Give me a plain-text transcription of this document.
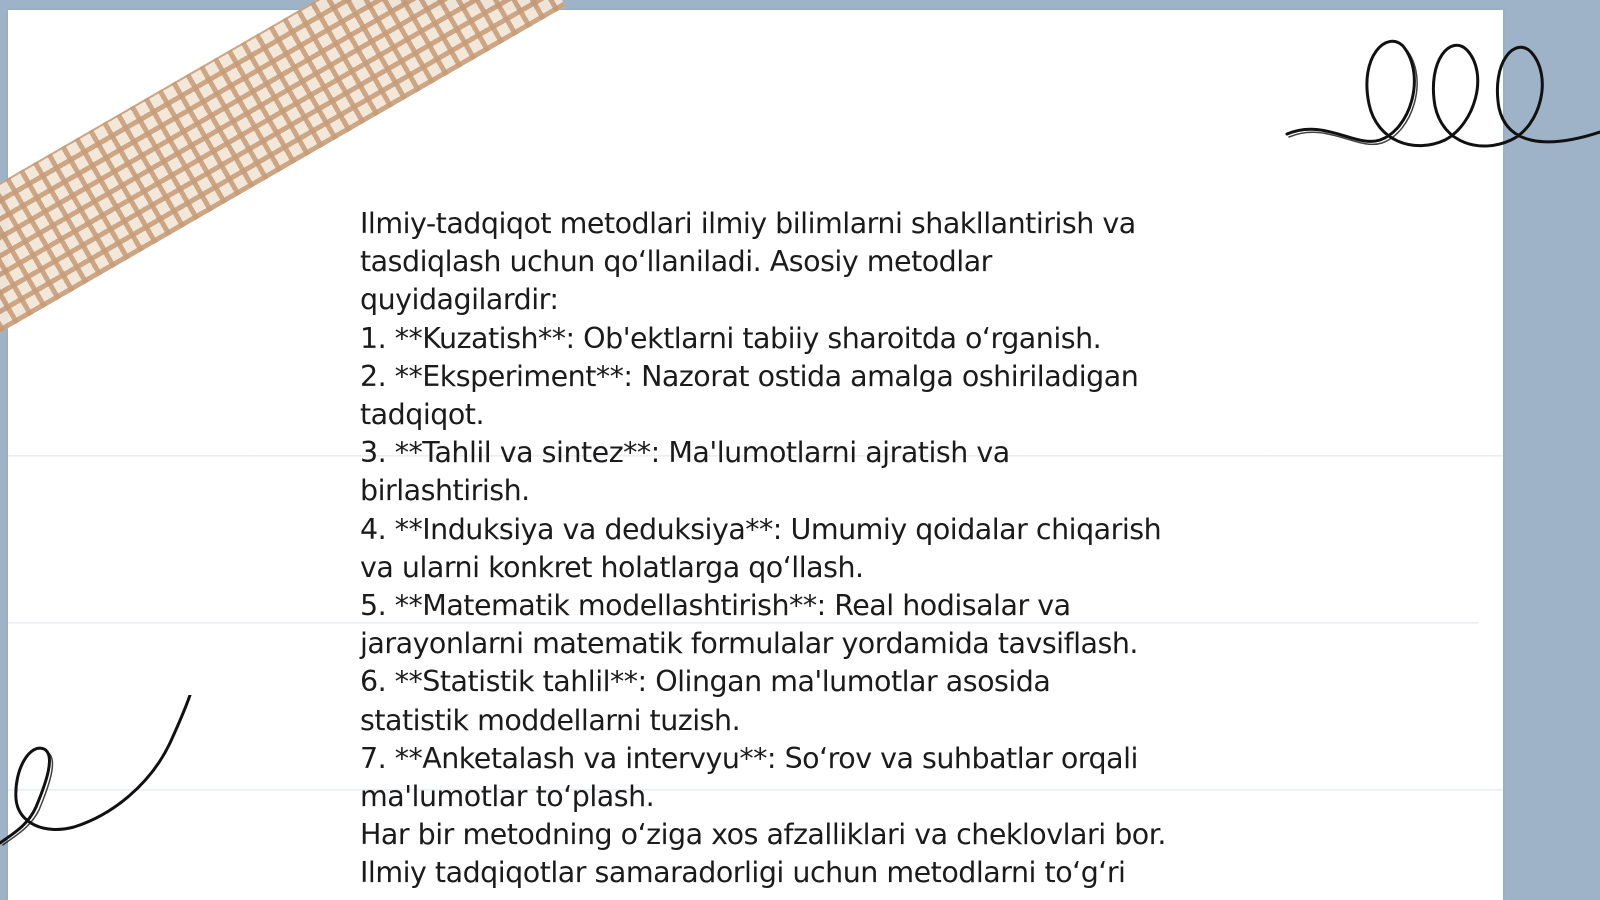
Ilmiy-tadqiqot metodlari ilmiy bilimlarni shakllantirish va
tasdiqlash uchun qo‘llaniladi. Asosiy metodlar
quyidagilardir:
1. **Kuzatish**: Ob'ektlarni tabiiy sharoitda o‘rganish.
2. **Eksperiment**: Nazorat ostida amalga oshiriladigan
tadqiqot.
3. **Tahlil va sintez**: Ma'lumotlarni ajratish va
birlashtirish.
4. **Induksiya va deduksiya**: Umumiy qoidalar chiqarish
va ularni konkret holatlarga qo‘llash.
5. **Matematik modellashtirish**: Real hodisalar va
jarayonlarni matematik formulalar yordamida tavsiflash.
6. **Statistik tahlil**: Olingan ma'lumotlar asosida
statistik moddellarni tuzish.
7. **Anketalash va intervyu**: So‘rov va suhbatlar orqali
ma'lumotlar to‘plash.
Har bir metodning o‘ziga xos afzalliklari va cheklovlari bor.
Ilmiy tadqiqotlar samaradorligi uchun metodlarni to‘g‘ri
